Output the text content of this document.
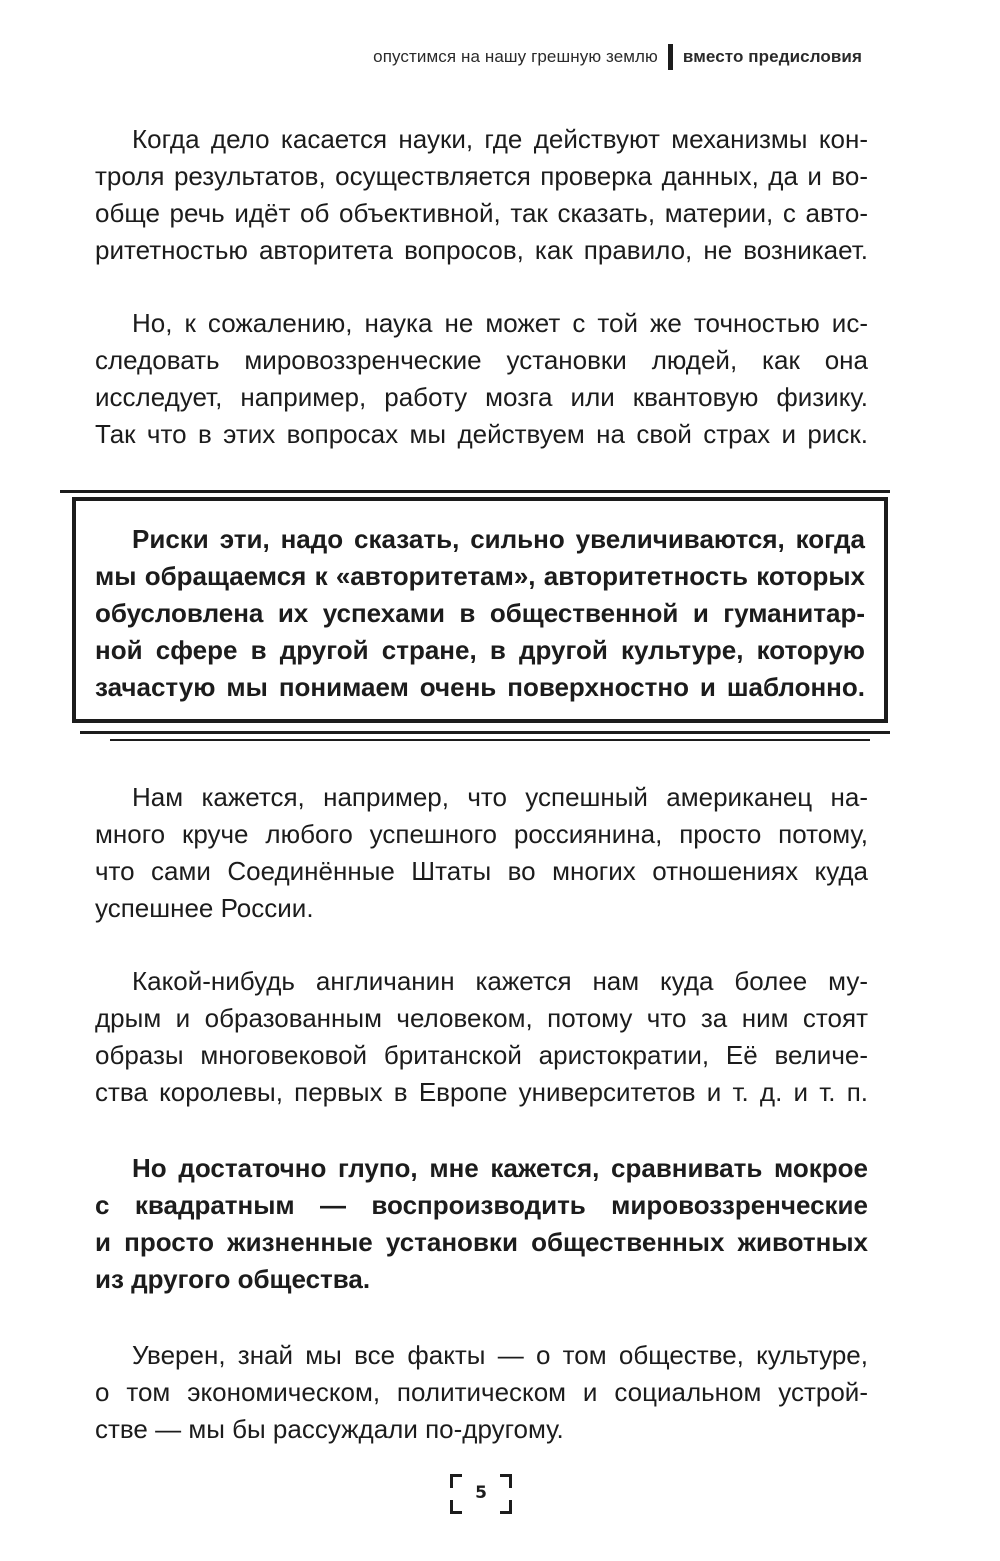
опустимся на нашу грешную землю вместо предисловия

Когда дело касается науки, где действуют механизмы кон-
троля результатов, осуществляется проверка данных, да и во-
обще речь идёт об объективной, так сказать, материи, с авто-
ритетностью авторитета вопросов, как правило, не возникает.

Но, к сожалению, наука не может с той же точностью ис-
следовать мировоззренческие установки людей, как она
исследует, например, работу мозга или квантовую физику.
Так что в этих вопросах мы действуем на свой страх и риск.

Риски эти, надо сказать, сильно увеличиваются, когда
мы обращаемся к «авторитетам», авторитетность которых
обусловлена их успехами в общественной и гуманитар-
ной сфере в другой стране, в другой культуре, которую
зачастую мы понимаем очень поверхностно и шаблонно.

Нам кажется, например, что успешный американец на-
много круче любого успешного россиянина, просто потому,
что сами Соединённые Штаты во многих отношениях куда
успешнее России.

Какой-нибудь англичанин кажется нам куда более му-
дрым и образованным человеком, потому что за ним стоят
образы многовековой британской аристократии, Её величе-
ства королевы, первых в Европе университетов и т. д. и т. п.

Но достаточно глупо, мне кажется, сравнивать мокрое
с квадратным — воспроизводить мировоззренческие
и просто жизненные установки общественных животных
из другого общества.

Уверен, знай мы все факты — о том обществе, культуре,
о том экономическом, политическом и социальном устрой-
стве — мы бы рассуждали по-другому.

5
